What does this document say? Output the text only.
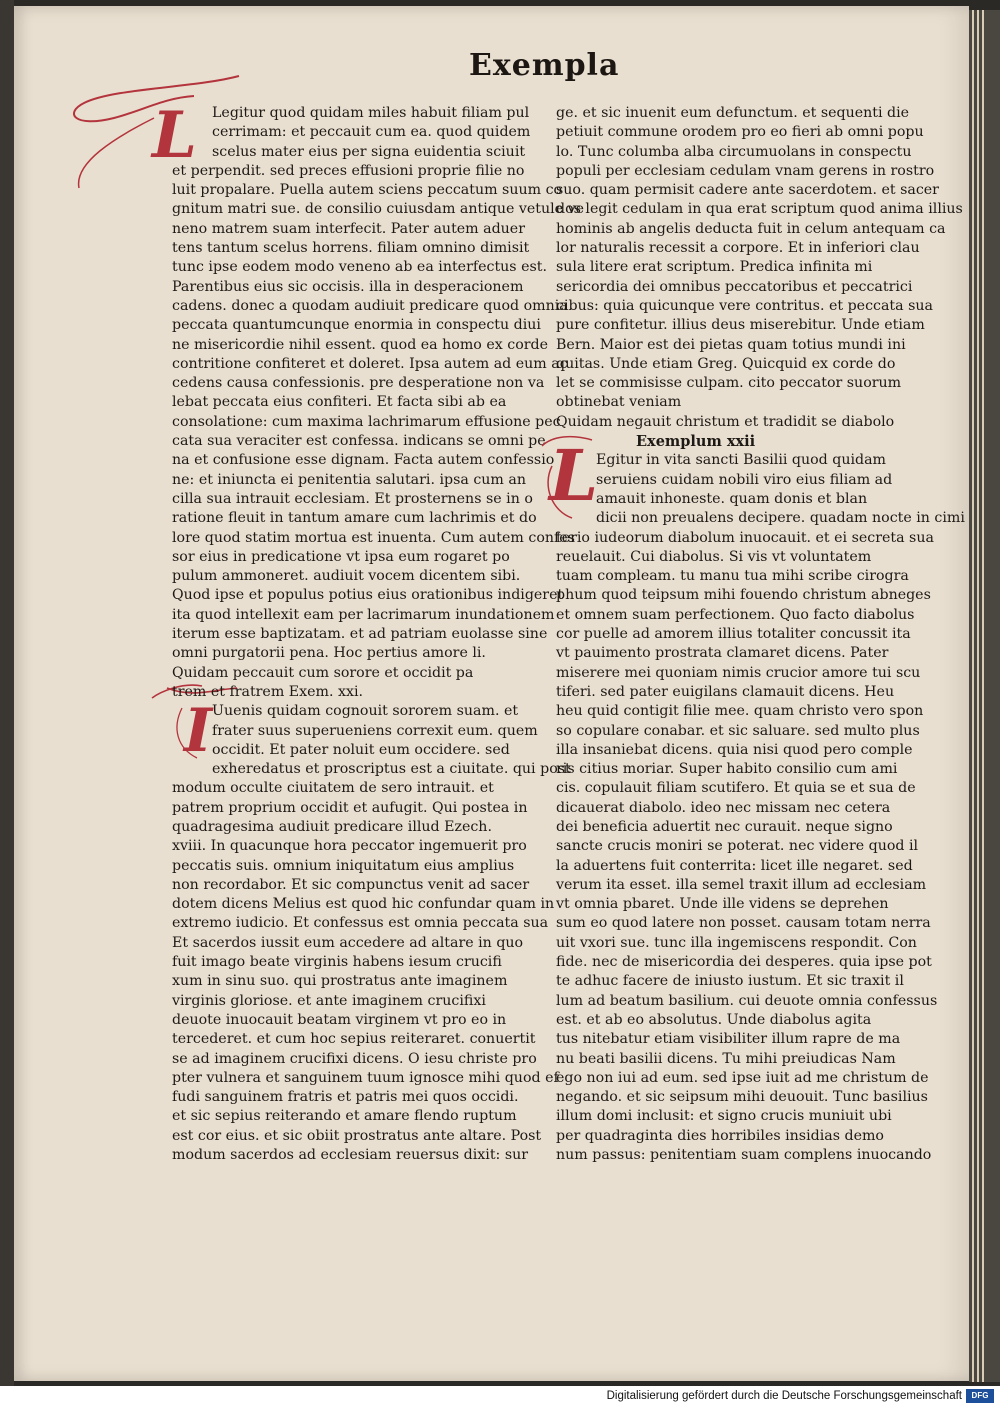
Exempla
L
I

Legitur quod quidam miles habuit filiam pul

cerrimam: et peccauit cum ea. quod quidem

scelus mater eius per signa euidentia sciuit

et perpendit. sed preces effusioni proprie filie no

luit propalare. Puella autem sciens peccatum suum co

gnitum matri sue. de consilio cuiusdam antique vetule ve

neno matrem suam interfecit. Pater autem aduer

tens tantum scelus horrens. filiam omnino dimisit

tunc ipse eodem modo veneno ab ea interfectus est.

Parentibus eius sic occisis. illa in desperacionem

cadens. donec a quodam audiuit predicare quod omnia

peccata quantumcunque enormia in conspectu diui

ne misericordie nihil essent. quod ea homo ex corde

contritione confiteret et doleret. Ipsa autem ad eum ac

cedens causa confessionis. pre desperatione non va

lebat peccata eius confiteri. Et facta sibi ab ea

consolatione: cum maxima lachrimarum effusione pec

cata sua veraciter est confessa. indicans se omni pe

na et confusione esse dignam. Facta autem confessio

ne: et iniuncta ei penitentia salutari. ipsa cum an

cilla sua intrauit ecclesiam. Et prosternens se in o

ratione fleuit in tantum amare cum lachrimis et do

lore quod statim mortua est inuenta. Cum autem confes

sor eius in predicatione vt ipsa eum rogaret po

pulum ammoneret. audiuit vocem dicentem sibi.

Quod ipse et populus potius eius orationibus indigeret

ita quod intellexit eam per lacrimarum inundationem

iterum esse baptizatam. et ad patriam euolasse sine

omni purgatorii pena. Hoc pertius amore li.

Quidam peccauit cum sorore et occidit pa

trem et fratrem Exem. xxi.

Uuenis quidam cognouit sororem suam. et

frater suus superueniens correxit eum. quem

occidit. Et pater noluit eum occidere. sed

exheredatus et proscriptus est a ciuitate. qui post

modum occulte ciuitatem de sero intrauit. et

patrem proprium occidit et aufugit. Qui postea in

quadragesima audiuit predicare illud Ezech.

xviii. In quacunque hora peccator ingemuerit pro

peccatis suis. omnium iniquitatum eius amplius

non recordabor. Et sic compunctus venit ad sacer

dotem dicens Melius est quod hic confundar quam in

extremo iudicio. Et confessus est omnia peccata sua

Et sacerdos iussit eum accedere ad altare in quo

fuit imago beate virginis habens iesum crucifi

xum in sinu suo. qui prostratus ante imaginem

virginis gloriose. et ante imaginem crucifixi

deuote inuocauit beatam virginem vt pro eo in

tercederet. et cum hoc sepius reiteraret. conuertit

se ad imaginem crucifixi dicens. O iesu christe pro

pter vulnera et sanguinem tuum ignosce mihi quod ef

fudi sanguinem fratris et patris mei quos occidi.

et sic sepius reiterando et amare flendo ruptum

est cor eius. et sic obiit prostratus ante altare. Post

modum sacerdos ad ecclesiam reuersus dixit: sur

L

ge. et sic inuenit eum defunctum. et sequenti die

petiuit commune orodem pro eo fieri ab omni popu

lo. Tunc columba alba circumuolans in conspectu

populi per ecclesiam cedulam vnam gerens in rostro

suo. quam permisit cadere ante sacerdotem. et sacer

dos legit cedulam in qua erat scriptum quod anima illius

hominis ab angelis deducta fuit in celum antequam ca

lor naturalis recessit a corpore. Et in inferiori clau

sula litere erat scriptum. Predica infinita mi

sericordia dei omnibus peccatoribus et peccatrici

cibus: quia quicunque vere contritus. et peccata sua

pure confitetur. illius deus miserebitur. Unde etiam

Bern. Maior est dei pietas quam totius mundi ini

quitas. Unde etiam Greg. Quicquid ex corde do

let se commisisse culpam. cito peccator suorum

obtinebat veniam

Quidam negauit christum et tradidit se diabolo

Exemplum xxii

Egitur in vita sancti Basilii quod quidam

seruiens cuidam nobili viro eius filiam ad

amauit inhoneste. quam donis et blan

dicii non preualens decipere. quadam nocte in cimi

terio iudeorum diabolum inuocauit. et ei secreta sua

reuelauit. Cui diabolus. Si vis vt voluntatem

tuam compleam. tu manu tua mihi scribe cirogra

phum quod teipsum mihi fouendo christum abneges

et omnem suam perfectionem. Quo facto diabolus

cor puelle ad amorem illius totaliter concussit ita

vt pauimento prostrata clamaret dicens. Pater

miserere mei quoniam nimis crucior amore tui scu

tiferi. sed pater euigilans clamauit dicens. Heu

heu quid contigit filie mee. quam christo vero spon

so copulare conabar. et sic saluare. sed multo plus

illa insaniebat dicens. quia nisi quod pero comple

ris citius moriar. Super habito consilio cum ami

cis. copulauit filiam scutifero. Et quia se et sua de

dicauerat diabolo. ideo nec missam nec cetera

dei beneficia aduertit nec curauit. neque signo

sancte crucis moniri se poterat. nec videre quod il

la aduertens fuit conterrita: licet ille negaret. sed

verum ita esset. illa semel traxit illum ad ecclesiam

vt omnia pbaret. Unde ille videns se deprehen

sum eo quod latere non posset. causam totam nerra

uit vxori sue. tunc illa ingemiscens respondit. Con

fide. nec de misericordia dei desperes. quia ipse pot

te adhuc facere de iniusto iustum. Et sic traxit il

lum ad beatum basilium. cui deuote omnia confessus

est. et ab eo absolutus. Unde diabolus agita

tus nitebatur etiam visibiliter illum rapre de ma

nu beati basilii dicens. Tu mihi preiudicas Nam

ego non iui ad eum. sed ipse iuit ad me christum de

negando. et sic seipsum mihi deuouit. Tunc basilius

illum domi inclusit: et signo crucis muniuit ubi

per quadraginta dies horribiles insidias demo

num passus: penitentiam suam complens inuocando

Digitalisierung gefördert durch die Deutsche Forschungsgemeinschaft	DFG
